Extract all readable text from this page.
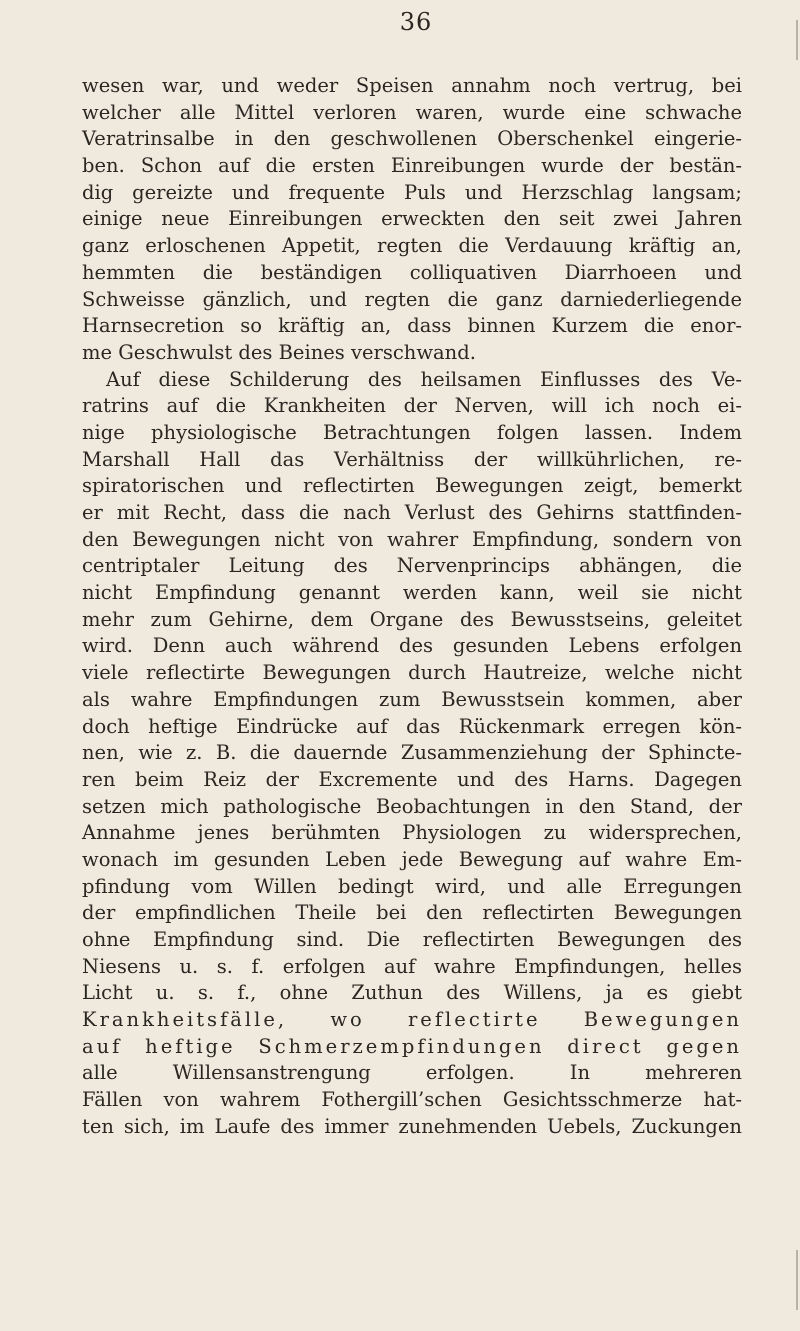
36
wesen war, und weder Speisen annahm noch vertrug, bei
welcher alle Mittel verloren waren, wurde eine schwache
Veratrinsalbe in den geschwollenen Oberschenkel eingerie-
ben. Schon auf die ersten Einreibungen wurde der bestän-
dig gereizte und frequente Puls und Herzschlag langsam;
einige neue Einreibungen erweckten den seit zwei Jahren
ganz erloschenen Appetit, regten die Verdauung kräftig an,
hemmten die beständigen colliquativen Diarrhoeen und
Schweisse gänzlich, und regten die ganz darniederliegende
Harnsecretion so kräftig an, dass binnen Kurzem die enor-
me Geschwulst des Beines verschwand.
Auf diese Schilderung des heilsamen Einflusses des Ve-
ratrins auf die Krankheiten der Nerven, will ich noch ei-
nige physiologische Betrachtungen folgen lassen. Indem
Marshall Hall das Verhältniss der willkührlichen, re-
spiratorischen und reflectirten Bewegungen zeigt, bemerkt
er mit Recht, dass die nach Verlust des Gehirns stattfinden-
den Bewegungen nicht von wahrer Empfindung, sondern von
centriptaler Leitung des Nervenprincips abhängen, die
nicht Empfindung genannt werden kann, weil sie nicht
mehr zum Gehirne, dem Organe des Bewusstseins, geleitet
wird. Denn auch während des gesunden Lebens erfolgen
viele reflectirte Bewegungen durch Hautreize, welche nicht
als wahre Empfindungen zum Bewusstsein kommen, aber
doch heftige Eindrücke auf das Rückenmark erregen kön-
nen, wie z. B. die dauernde Zusammenziehung der Sphincte-
ren beim Reiz der Excremente und des Harns. Dagegen
setzen mich pathologische Beobachtungen in den Stand, der
Annahme jenes berühmten Physiologen zu widersprechen,
wonach im gesunden Leben jede Bewegung auf wahre Em-
pfindung vom Willen bedingt wird, und alle Erregungen
der empfindlichen Theile bei den reflectirten Bewegungen
ohne Empfindung sind. Die reflectirten Bewegungen des
Niesens u. s. f. erfolgen auf wahre Empfindungen, helles
Licht u. s. f., ohne Zuthun des Willens, ja es giebt
Krankheitsfälle, wo reflectirte Bewegungen
auf heftige Schmerzempfindungen direct gegen
alle Willensanstrengung erfolgen. In mehreren
Fällen von wahrem Fothergill’schen Gesichtsschmerze hat-
ten sich, im Laufe des immer zunehmenden Uebels, Zuckungen
